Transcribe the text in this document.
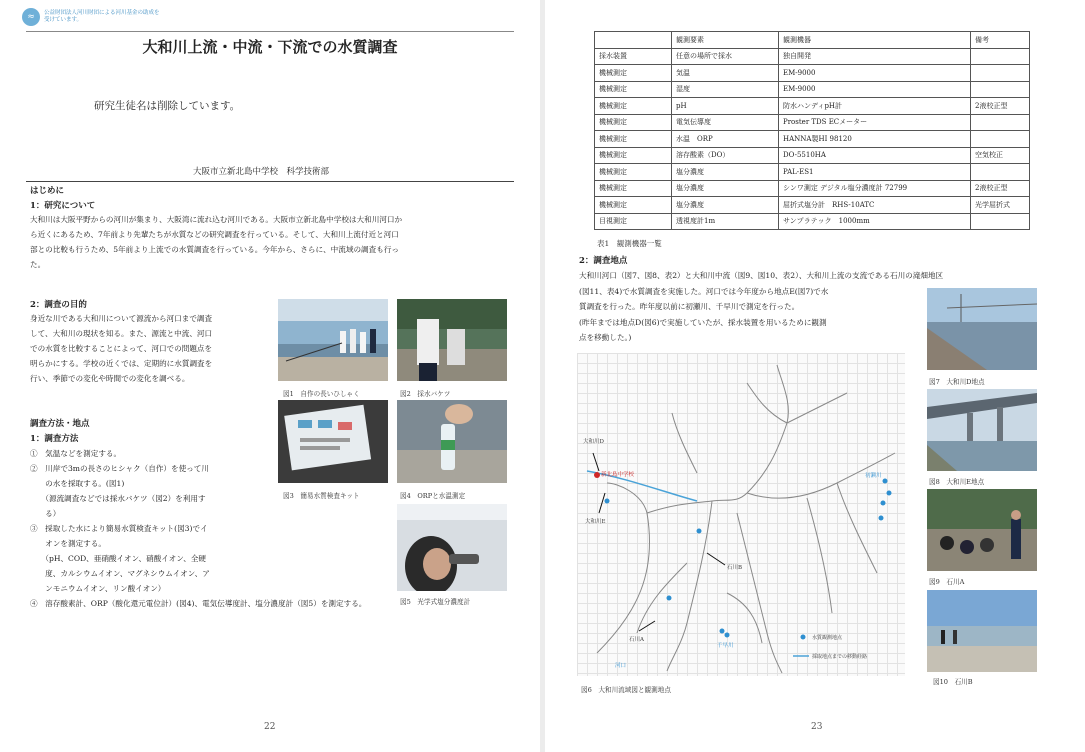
≈	公益財団法人河川財団による河川基金の助成を受けています。
大和川上流・中流・下流での水質調査
研究生徒名は削除しています。
大阪市立新北島中学校　科学技術部
はじめに
1：研究について
大和川は大阪平野からの河川が集まり、大阪湾に流れ込む河川である。大阪市立新北島中学校は大和川河口か
ら近くにあるため、7年前より先輩たちが水質などの研究調査を行っている。そして、大和川上流付近と河口
部との比較も行うため、5年前より上流での水質調査を行っている。今年から、さらに、中流域の調査も行っ
た。
2：調査の目的
身近な川である大和川について源流から河口まで調査
して、大和川の現状を知る。また、源流と中流、河口
での水質を比較することによって、河口での問題点を
明らかにする。学校の近くでは、定期的に水質調査を
行い、季節での変化や時間での変化を調べる。
調査方法・地点
1：調査方法
①　気温などを測定する。
②　川岸で3mの長さのヒシャク（自作）を使って川
　　の水を採取する。(図1)
　　（源流調査などでは採水バケツ（図2）を利用す
　　る）
③　採取した水により簡易水質検査キット(図3)でイ
　　オンを測定する。
　　（pH、COD、亜硝酸イオン、硝酸イオン、全硬
　　度、カルシウムイオン、マグネシウムイオン、ア
　　ンモニウムイオン、リン酸イオン）
④　溶存酸素計、ORP（酸化還元電位計）(図4)、電気伝導度計、塩分濃度計（図5）を測定する。
図1　自作の長いひしゃく	図2　採水バケツ
図3　簡易水質検査キット	図4　ORPと水温測定
図5　光学式塩分濃度計
22
	観測要素	観測機器	備考
採水装置	任意の場所で採水	独自開発	
機械測定	気温	EM-9000	
機械測定	湿度	EM-9000	
機械測定	pH	防水ハンディpH計	2液校正型
機械測定	電気伝導度	Proster TDS ECメーター	
機械測定	水温　ORP	HANNA製HI 98120	
機械測定	溶存酸素（DO）	DO-5510HA	空気校正
機械測定	塩分濃度	PAL-ES1	
機械測定	塩分濃度	シンワ測定 デジタル塩分濃度計 72799	2液校正型
機械測定	塩分濃度	屈折式塩分計　RHS-10ATC	光学屈折式
目視測定	透視度計1m	サンプラテック　1000mm	
表1　観測機器一覧
2：調査地点
大和川河口（図7、図8、表2）と大和川中流（図9、図10、表2）、大和川上流の支流である石川の滝畑地区
(図11、表4)で水質調査を実施した。河口では今年度から地点E(図7)で水
質調査を行った。昨年度以前に初瀬川、千早川で測定を行った。
(昨年までは地点D(図6)で実施していたが、採水装置を用いるために観測
点を移動した。)
図7　大和川D地点
図8　大和川E地点
図9　石川A
図10　石川B
大和川D
新北島中学校
大和川E
石川A
石川B
千早川
初瀬川
河口
水質観測地点
採取地点までの移動経路
図6　大和川流域図と観測地点
23
